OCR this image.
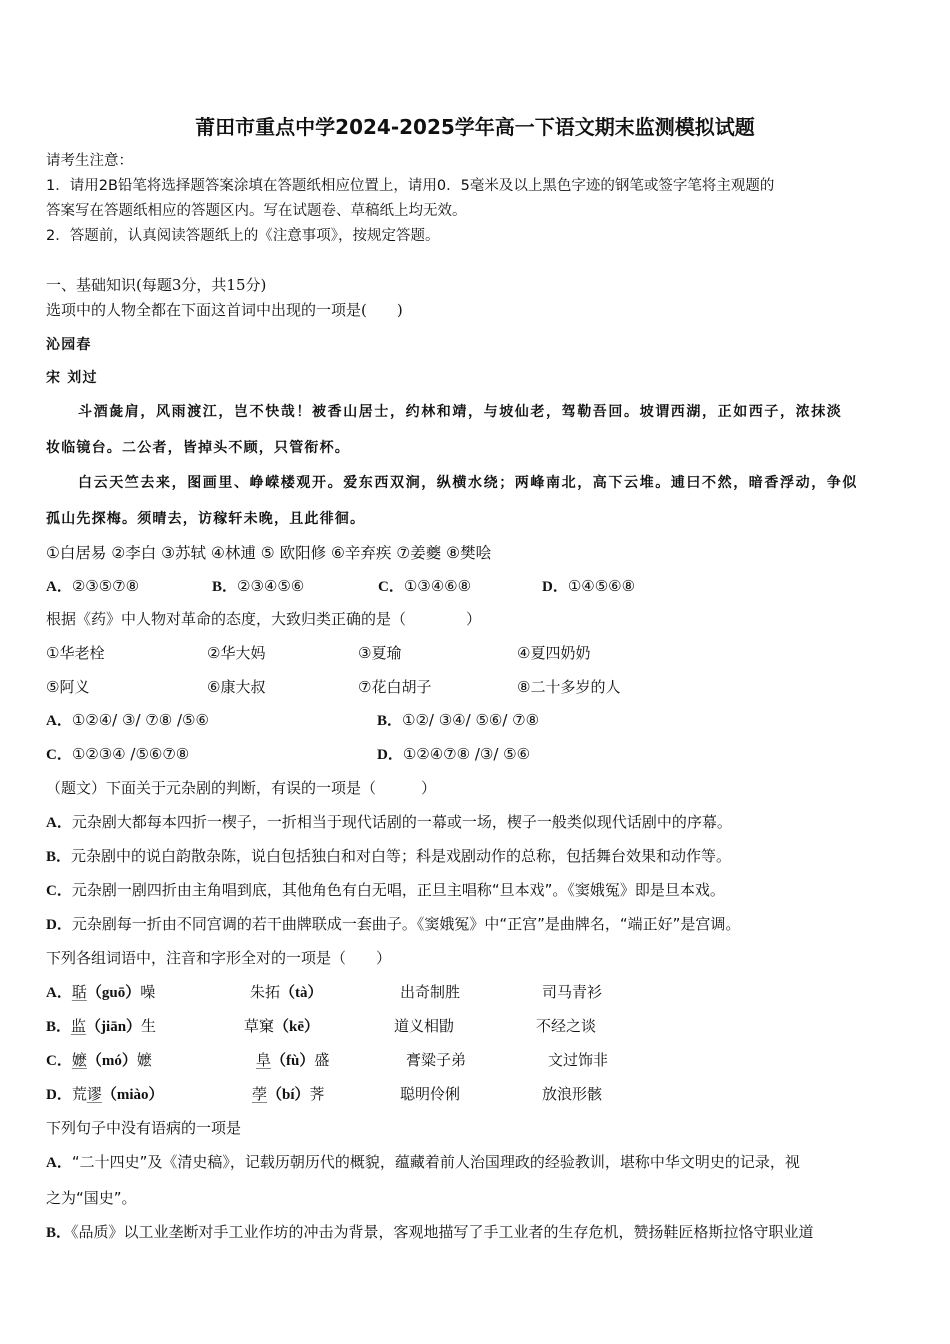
莆田市重点中学2024-2025学年高一下语文期末监测模拟试题
请考生注意：
1．请用2B铅笔将选择题答案涂填在答题纸相应位置上，请用0．5毫米及以上黑色字迹的钢笔或签字笔将主观题的
答案写在答题纸相应的答题区内。写在试题卷、草稿纸上均无效。
2．答题前，认真阅读答题纸上的《注意事项》，按规定答题。
一、基础知识(每题3分，共15分)
选项中的人物全都在下面这首词中出现的一项是(　　)
沁园春
宋 刘过
斗酒彘肩，风雨渡江，岂不快哉！被香山居士，约林和靖，与坡仙老，驾勒吾回。坡谓西湖，正如西子，浓抹淡
妆临镜台。二公者，皆掉头不顾，只管衔杯。
白云天竺去来，图画里、峥嵘楼观开。爱东西双涧，纵横水绕；两峰南北，高下云堆。逋曰不然，暗香浮动，争似
孤山先探梅。须晴去，访稼轩未晚，且此徘徊。
①白居易 ②李白 ③苏轼 ④林逋 ⑤ 欧阳修 ⑥辛弃疾 ⑦姜夔 ⑧樊哙
A．②③⑤⑦⑧	B．②③④⑤⑥	C．①③④⑥⑧	D．①④⑤⑥⑧
根据《药》中人物对革命的态度，大致归类正确的是（　　　　）
①华老栓	②华大妈	③夏瑜	④夏四奶奶
⑤阿义	⑥康大叔	⑦花白胡子	⑧二十多岁的人
A．①②④/ ③/ ⑦⑧ /⑤⑥	B．①②/ ③④/ ⑤⑥/ ⑦⑧
C．①②③④ /⑤⑥⑦⑧	D．①②④⑦⑧ /③/ ⑤⑥
（题文）下面关于元杂剧的判断，有误的一项是（　　　）
A．元杂剧大都每本四折一楔子，一折相当于现代话剧的一幕或一场，楔子一般类似现代话剧中的序幕。
B．元杂剧中的说白韵散杂陈，说白包括独白和对白等；科是戏剧动作的总称，包括舞台效果和动作等。
C．元杂剧一剧四折由主角唱到底，其他角色有白无唱，正旦主唱称“旦本戏”。《窦娥冤》即是旦本戏。
D．元杂剧每一折由不同宫调的若干曲牌联成一套曲子。《窦娥冤》中“正宫”是曲牌名，“端正好”是宫调。
下列各组词语中，注音和字形全对的一项是（　　）
A．聒（guō）噪	朱拓（tà）	出奇制胜	司马青衫
B．监（jiān）生	草窠（kē）	道义相勖	不经之谈
C．嬷（mó）嬷	阜（fù）盛	膏粱子弟	文过饰非
D．荒谬（miào）	荸（bí）荠	聪明伶俐	放浪形骸
下列句子中没有语病的一项是
A．“二十四史”及《清史稿》，记载历朝历代的概貌，蕴藏着前人治国理政的经验教训，堪称中华文明史的记录，视
之为“国史”。
B．《品质》以工业垄断对手工业作坊的冲击为背景，客观地描写了手工业者的生存危机，赞扬鞋匠格斯拉恪守职业道
